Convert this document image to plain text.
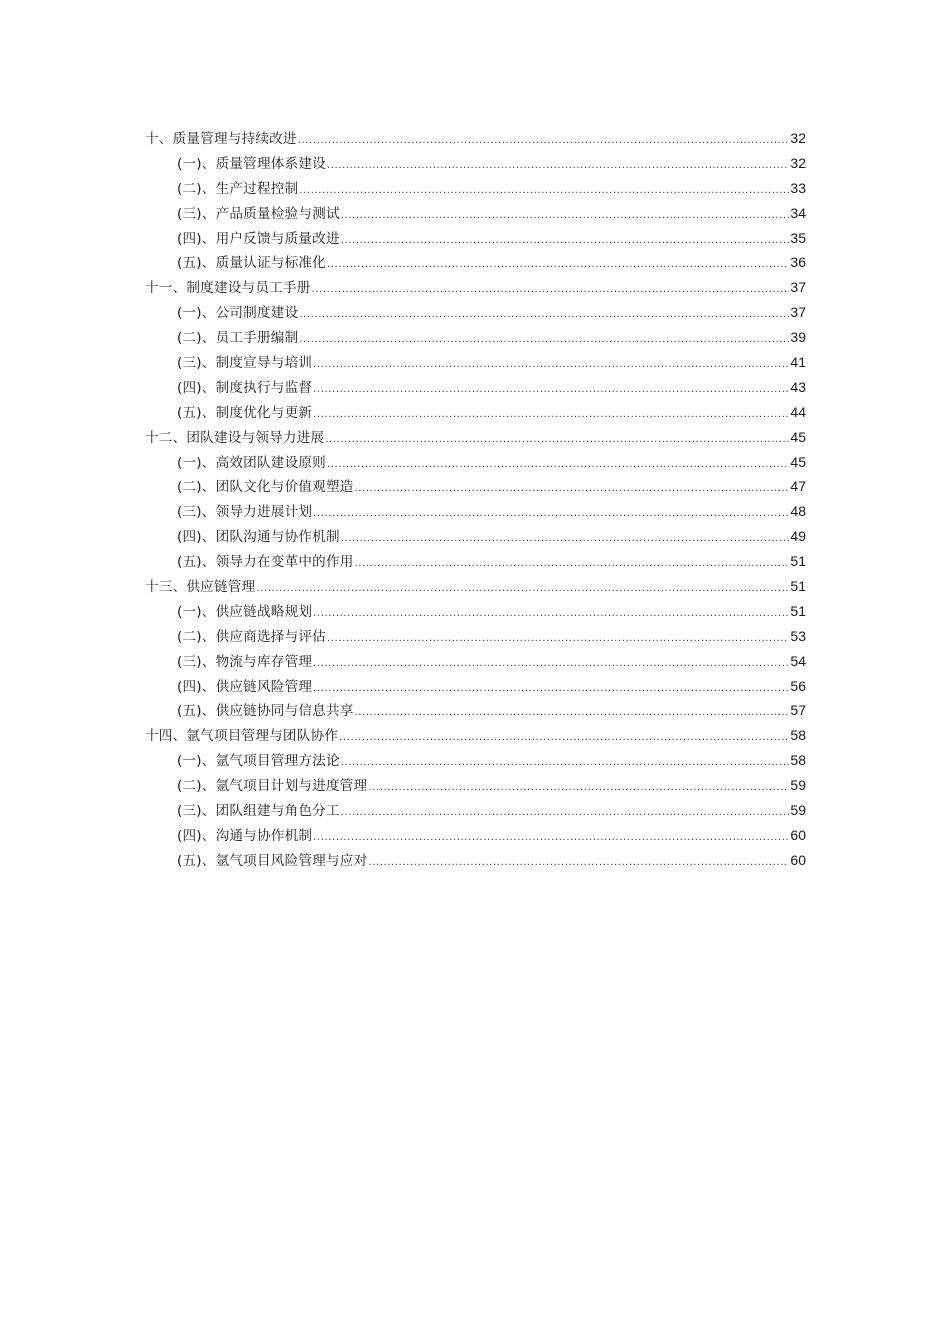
十、质量管理与持续改进 .....	32
(一)、质量管理体系建设 .....	32
(二)、生产过程控制 .....	33
(三)、产品质量检验与测试 .....	34
(四)、用户反馈与质量改进 .....	35
(五)、质量认证与标准化 .....	36
十一、制度建设与员工手册 .....	37
(一)、公司制度建设 .....	37
(二)、员工手册编制 .....	39
(三)、制度宣导与培训 .....	41
(四)、制度执行与监督 .....	43
(五)、制度优化与更新 .....	44
十二、团队建设与领导力进展 .....	45
(一)、高效团队建设原则 .....	45
(二)、团队文化与价值观塑造 .....	47
(三)、领导力进展计划 .....	48
(四)、团队沟通与协作机制 .....	49
(五)、领导力在变革中的作用 .....	51
十三、供应链管理 .....	51
(一)、供应链战略规划 .....	51
(二)、供应商选择与评估 .....	53
(三)、物流与库存管理 .....	54
(四)、供应链风险管理 .....	56
(五)、供应链协同与信息共享 .....	57
十四、氩气项目管理与团队协作 .....	58
(一)、氩气项目管理方法论 .....	58
(二)、氩气项目计划与进度管理 .....	59
(三)、团队组建与角色分工 .....	59
(四)、沟通与协作机制 .....	60
(五)、氩气项目风险管理与应对 .....	60
